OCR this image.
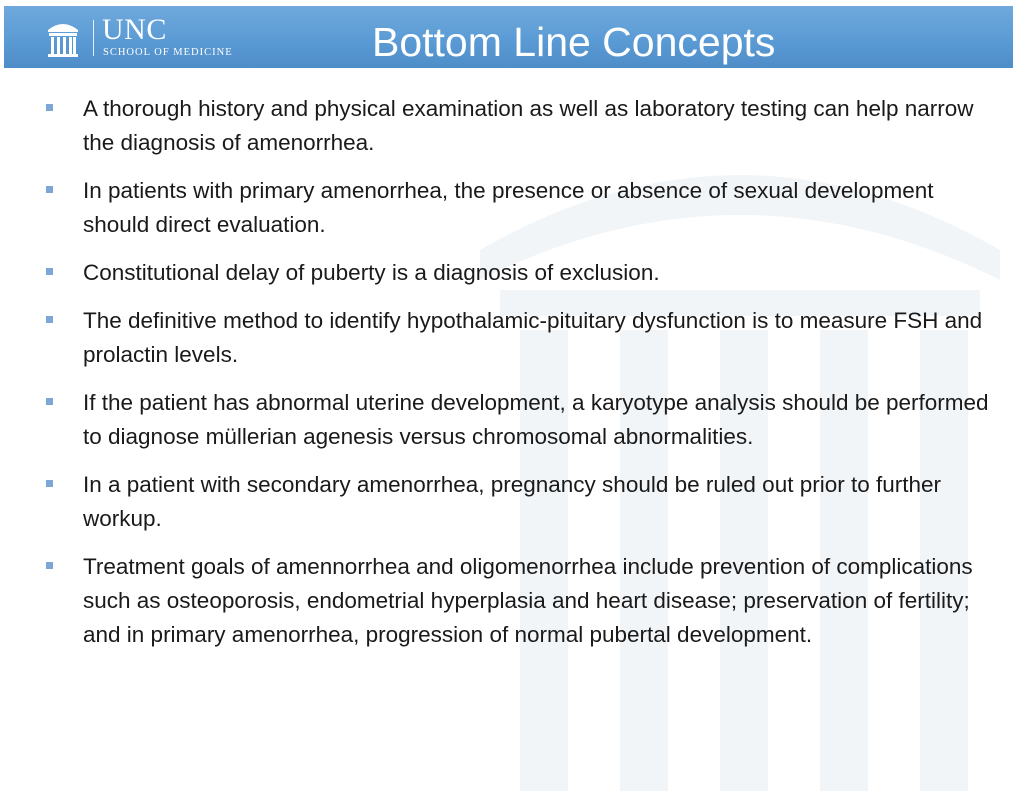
UNC
SCHOOL OF MEDICINE	Bottom Line Concepts
A thorough history and physical examination as well as laboratory testing can help narrow the diagnosis of amenorrhea.
In patients with primary amenorrhea, the presence or absence of sexual development should direct evaluation.
Constitutional delay of puberty is a diagnosis of exclusion.
The definitive method to identify hypothalamic-pituitary dysfunction is to measure FSH and prolactin levels.
If the patient has abnormal uterine development, a karyotype analysis should be performed to diagnose müllerian agenesis versus chromosomal abnormalities.
In a patient with secondary amenorrhea, pregnancy should be ruled out prior to further workup.
Treatment goals of amennorrhea and oligomenorrhea include prevention of complications such as osteoporosis, endometrial hyperplasia and heart disease; preservation of fertility; and in primary amenorrhea, progression of normal pubertal development.
